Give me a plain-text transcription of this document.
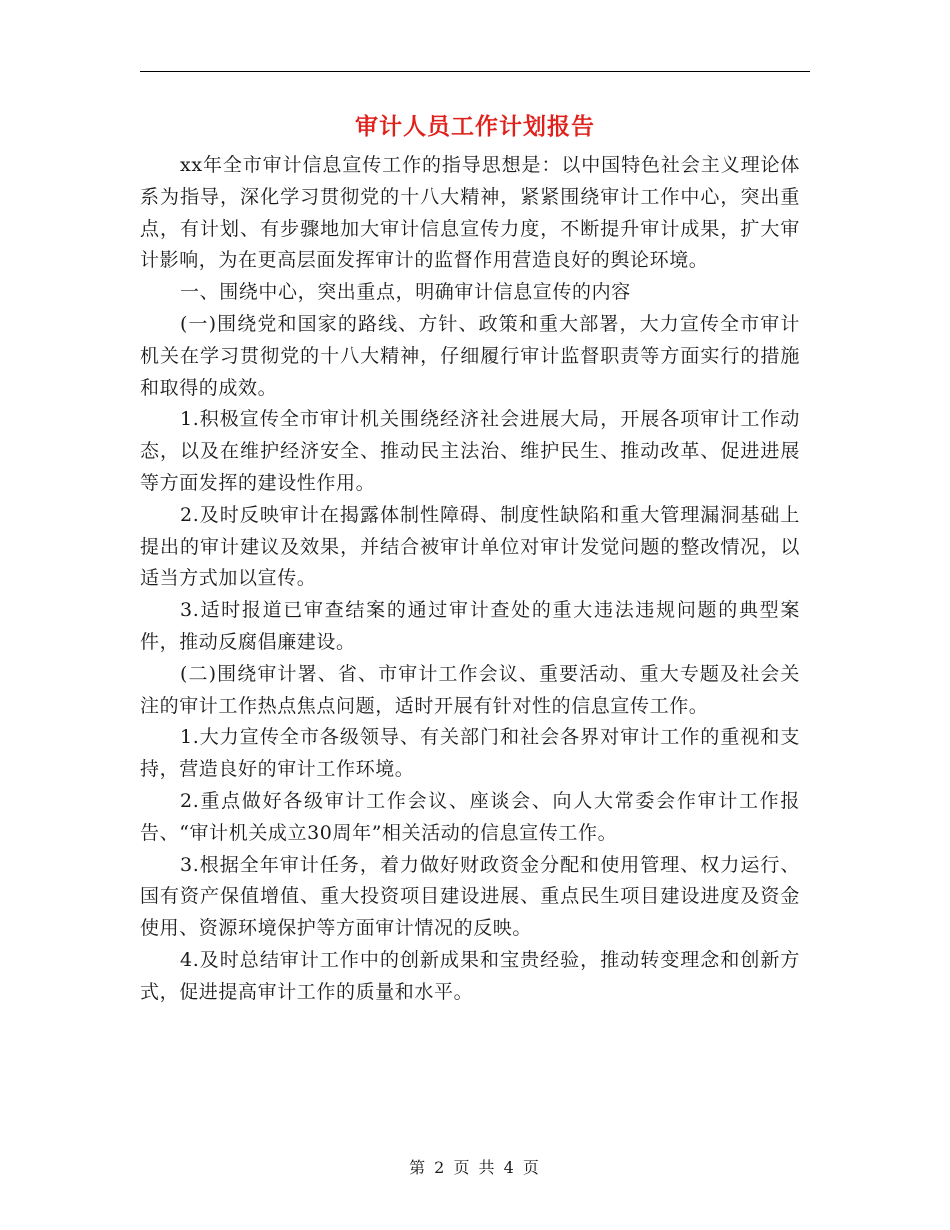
审计人员工作计划报告

xx年全市审计信息宣传工作的指导思想是：以中国特色社会主义理论体系为指导，深化学习贯彻党的十八大精神，紧紧围绕审计工作中心，突出重点，有计划、有步骤地加大审计信息宣传力度，不断提升审计成果，扩大审计影响，为在更高层面发挥审计的监督作用营造良好的舆论环境。

一、围绕中心，突出重点，明确审计信息宣传的内容

(一)围绕党和国家的路线、方针、政策和重大部署，大力宣传全市审计机关在学习贯彻党的十八大精神，仔细履行审计监督职责等方面实行的措施和取得的成效。

1.积极宣传全市审计机关围绕经济社会进展大局，开展各项审计工作动态，以及在维护经济安全、推动民主法治、维护民生、推动改革、促进进展等方面发挥的建设性作用。

2.及时反映审计在揭露体制性障碍、制度性缺陷和重大管理漏洞基础上提出的审计建议及效果，并结合被审计单位对审计发觉问题的整改情况，以适当方式加以宣传。

3.适时报道已审查结案的通过审计查处的重大违法违规问题的典型案件，推动反腐倡廉建设。

(二)围绕审计署、省、市审计工作会议、重要活动、重大专题及社会关注的审计工作热点焦点问题，适时开展有针对性的信息宣传工作。

1.大力宣传全市各级领导、有关部门和社会各界对审计工作的重视和支持，营造良好的审计工作环境。

2.重点做好各级审计工作会议、座谈会、向人大常委会作审计工作报告、“审计机关成立30周年”相关活动的信息宣传工作。

3.根据全年审计任务，着力做好财政资金分配和使用管理、权力运行、国有资产保值增值、重大投资项目建设进展、重点民生项目建设进度及资金使用、资源环境保护等方面审计情况的反映。

4.及时总结审计工作中的创新成果和宝贵经验，推动转变理念和创新方式，促进提高审计工作的质量和水平。

第 2 页 共 4 页
